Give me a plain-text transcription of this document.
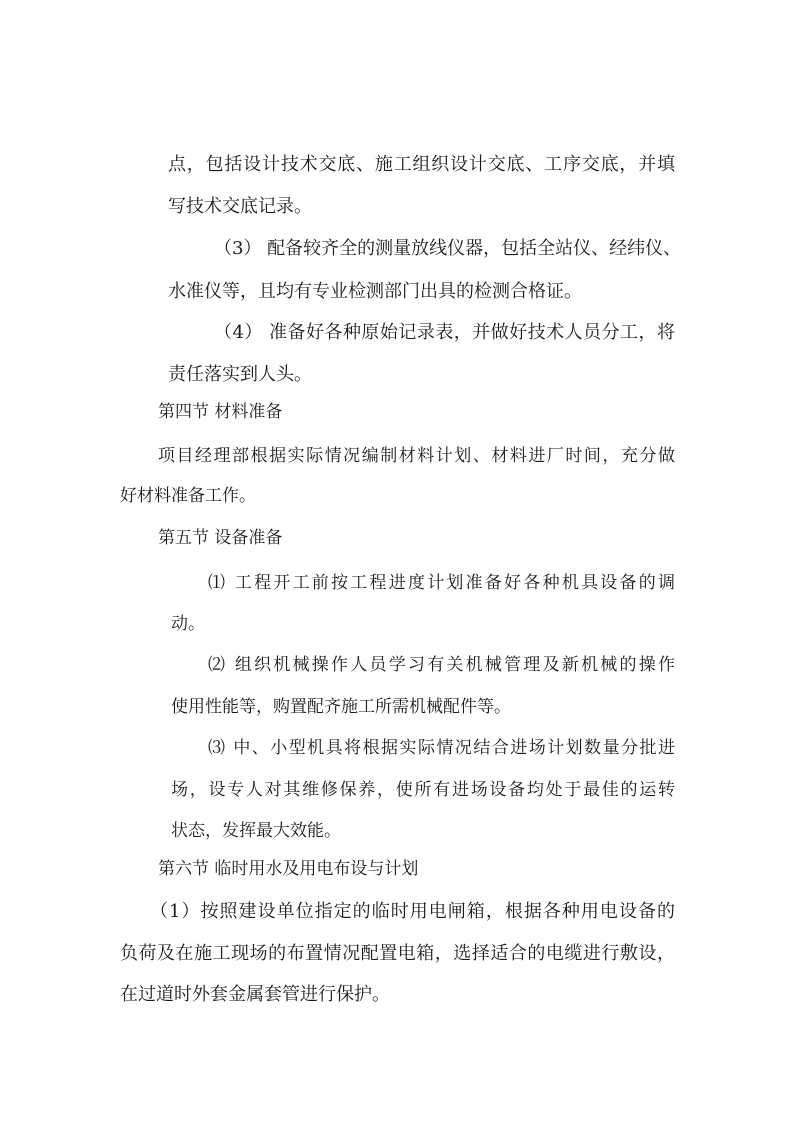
点，包括设计技术交底、施工组织设计交底、工序交底，并填
写技术交底记录。
（3） 配备较齐全的测量放线仪器，包括全站仪、经纬仪、
水准仪等，且均有专业检测部门出具的检测合格证。
（4） 准备好各种原始记录表，并做好技术人员分工，将
责任落实到人头。
第四节 材料准备
项目经理部根据实际情况编制材料计划、材料进厂时间，充分做
好材料准备工作。
第五节 设备准备
⑴ 工程开工前按工程进度计划准备好各种机具设备的调
动。
⑵ 组织机械操作人员学习有关机械管理及新机械的操作
使用性能等，购置配齐施工所需机械配件等。
⑶ 中、小型机具将根据实际情况结合进场计划数量分批进
场，设专人对其维修保养，使所有进场设备均处于最佳的运转
状态，发挥最大效能。
第六节 临时用水及用电布设与计划
（1）按照建设单位指定的临时用电闸箱，根据各种用电设备的
负荷及在施工现场的布置情况配置电箱，选择适合的电缆进行敷设，
在过道时外套金属套管进行保护。
